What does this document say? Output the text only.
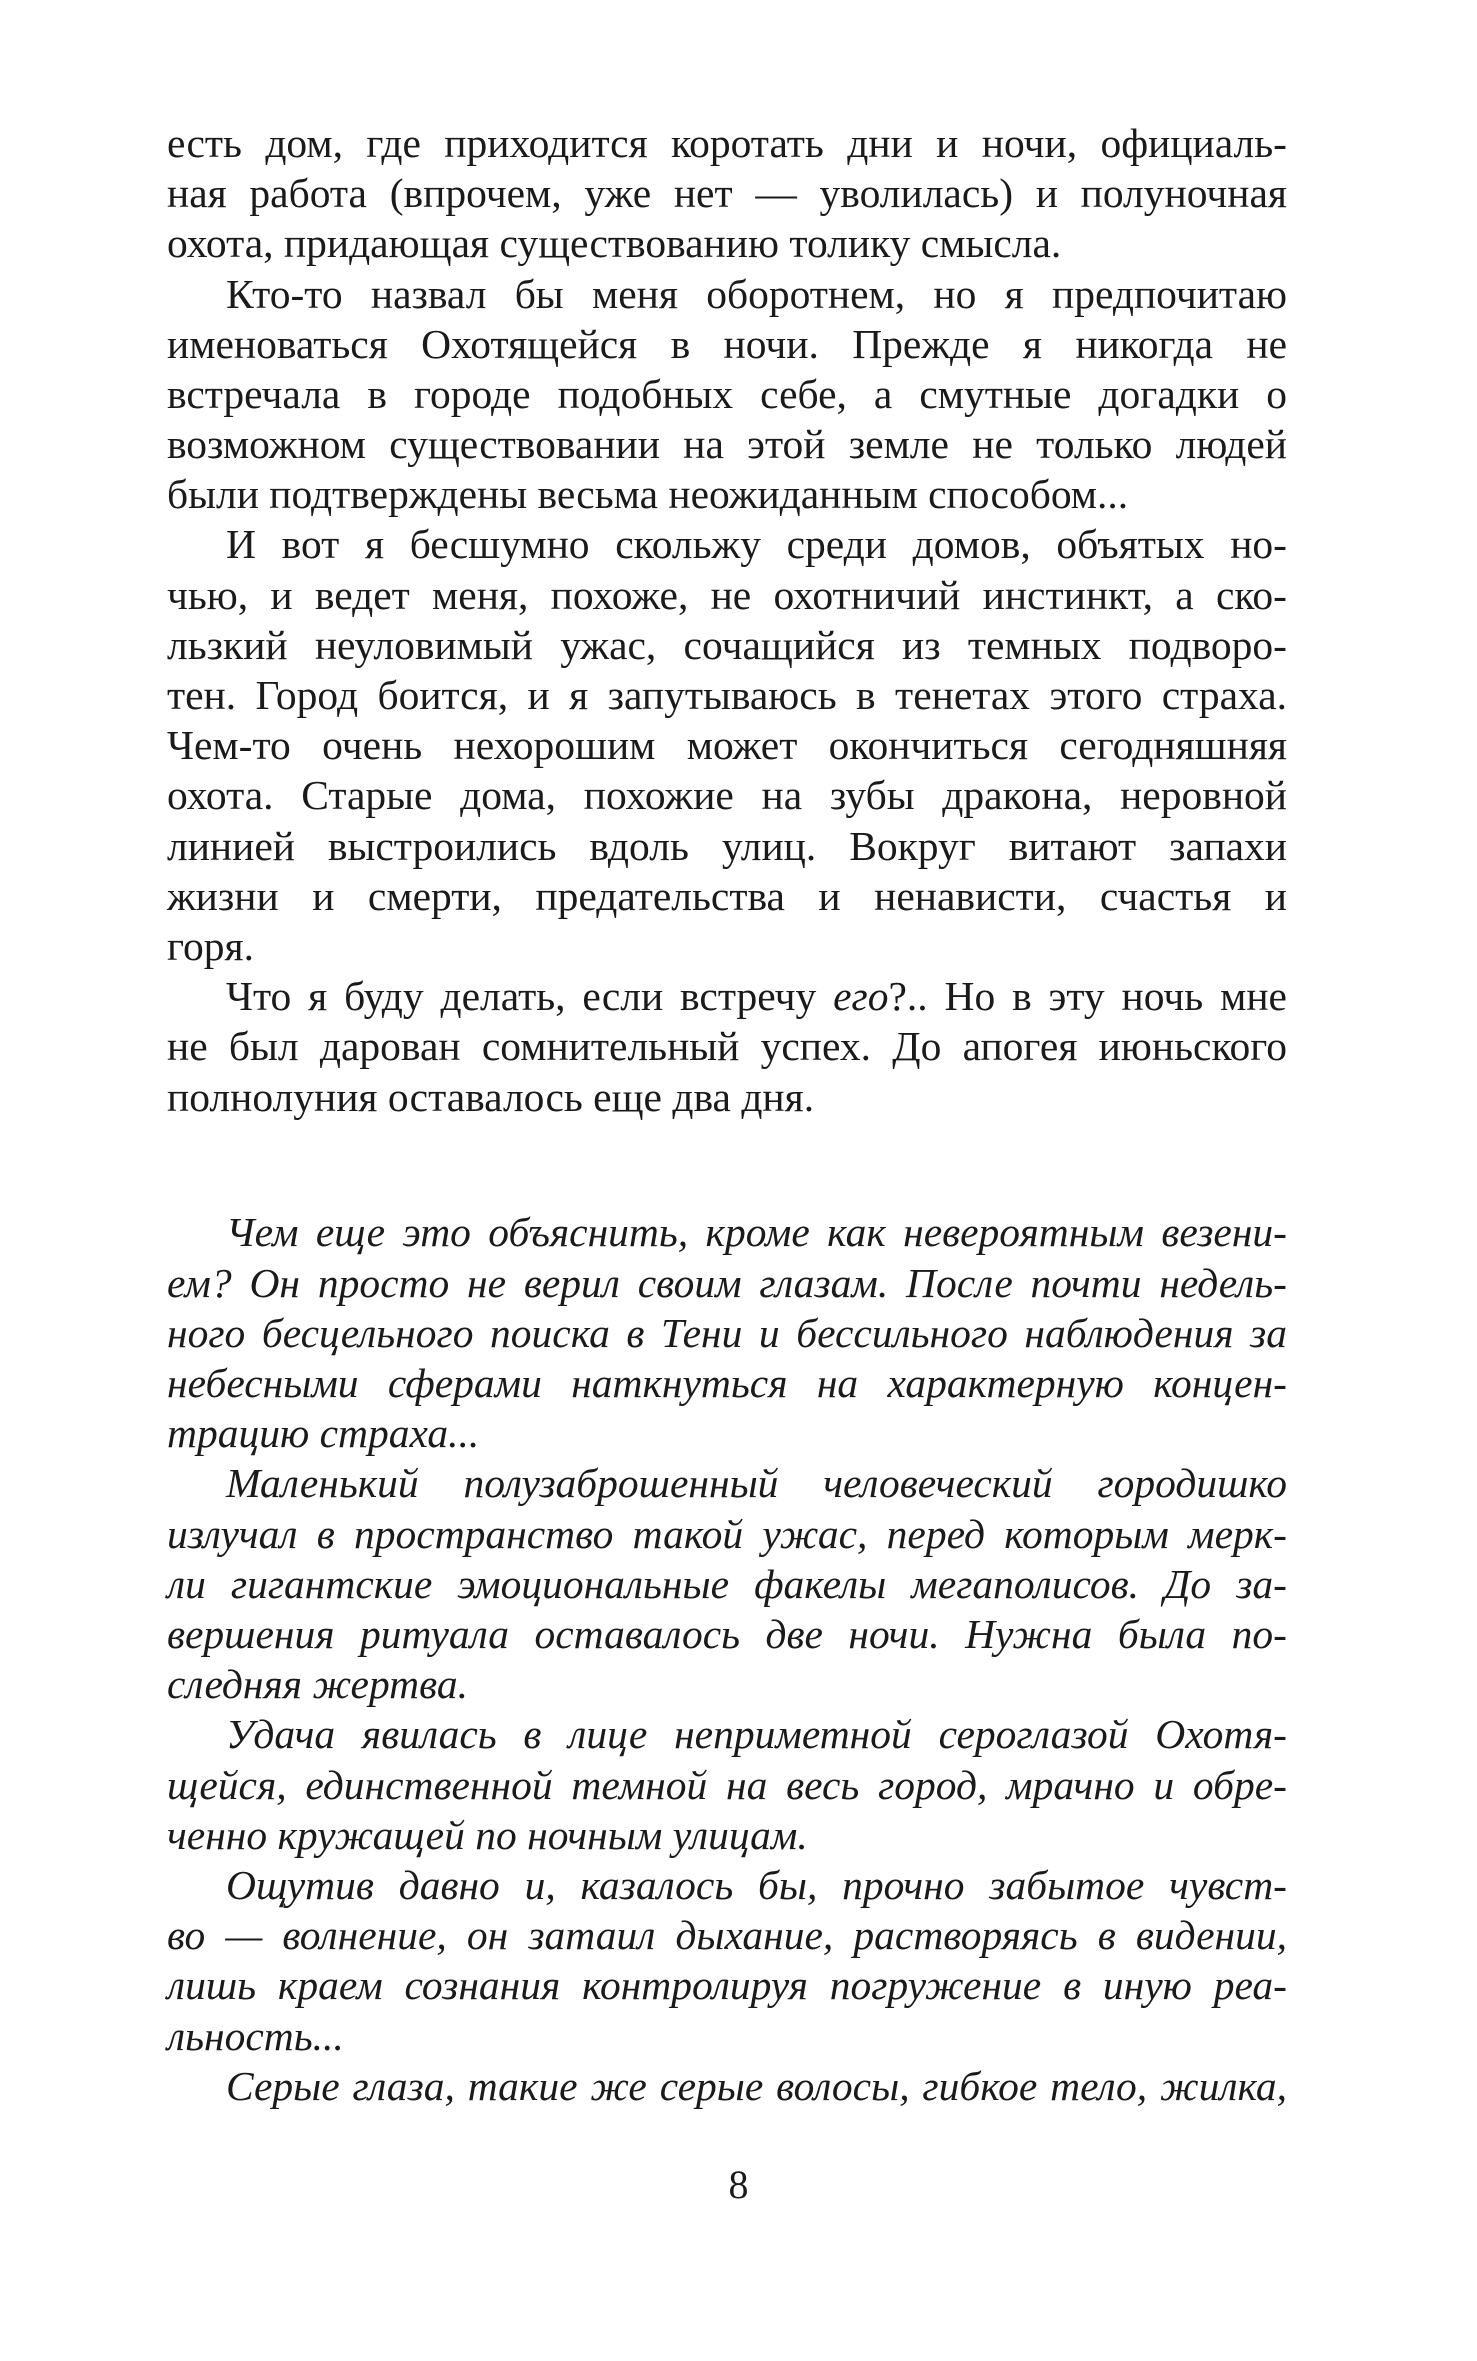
есть дом, где приходится коротать дни и ночи, официаль-
ная работа (впрочем, уже нет — уволилась) и полуночная
охота, придающая существованию толику смысла.
Кто-то назвал бы меня оборотнем, но я предпочитаю
именоваться Охотящейся в ночи. Прежде я никогда не
встречала в городе подобных себе, а смутные догадки о
возможном существовании на этой земле не только людей
были подтверждены весьма неожиданным способом...
И вот я бесшумно скольжу среди домов, объятых но-
чью, и ведет меня, похоже, не охотничий инстинкт, а ско-
льзкий неуловимый ужас, сочащийся из темных подворо-
тен. Город боится, и я запутываюсь в тенетах этого страха.
Чем-то очень нехорошим может окончиться сегодняшняя
охота. Старые дома, похожие на зубы дракона, неровной
линией выстроились вдоль улиц. Вокруг витают запахи
жизни и смерти, предательства и ненависти, счастья и
горя.
Что я буду делать, если встречу его?.. Но в эту ночь мне
не был дарован сомнительный успех. До апогея июньского
полнолуния оставалось еще два дня.
Чем еще это объяснить, кроме как невероятным везени-
ем? Он просто не верил своим глазам. После почти недель-
ного бесцельного поиска в Тени и бессильного наблюдения за
небесными сферами наткнуться на характерную концен-
трацию страха...
Маленький полузаброшенный человеческий городишко
излучал в пространство такой ужас, перед которым мерк-
ли гигантские эмоциональные факелы мегаполисов. До за-
вершения ритуала оставалось две ночи. Нужна была по-
следняя жертва.
Удача явилась в лице неприметной сероглазой Охотя-
щейся, единственной темной на весь город, мрачно и обре-
ченно кружащей по ночным улицам.
Ощутив давно и, казалось бы, прочно забытое чувст-
во — волнение, он затаил дыхание, растворяясь в видении,
лишь краем сознания контролируя погружение в иную реа-
льность...
Серые глаза, такие же серые волосы, гибкое тело, жилка,
8
